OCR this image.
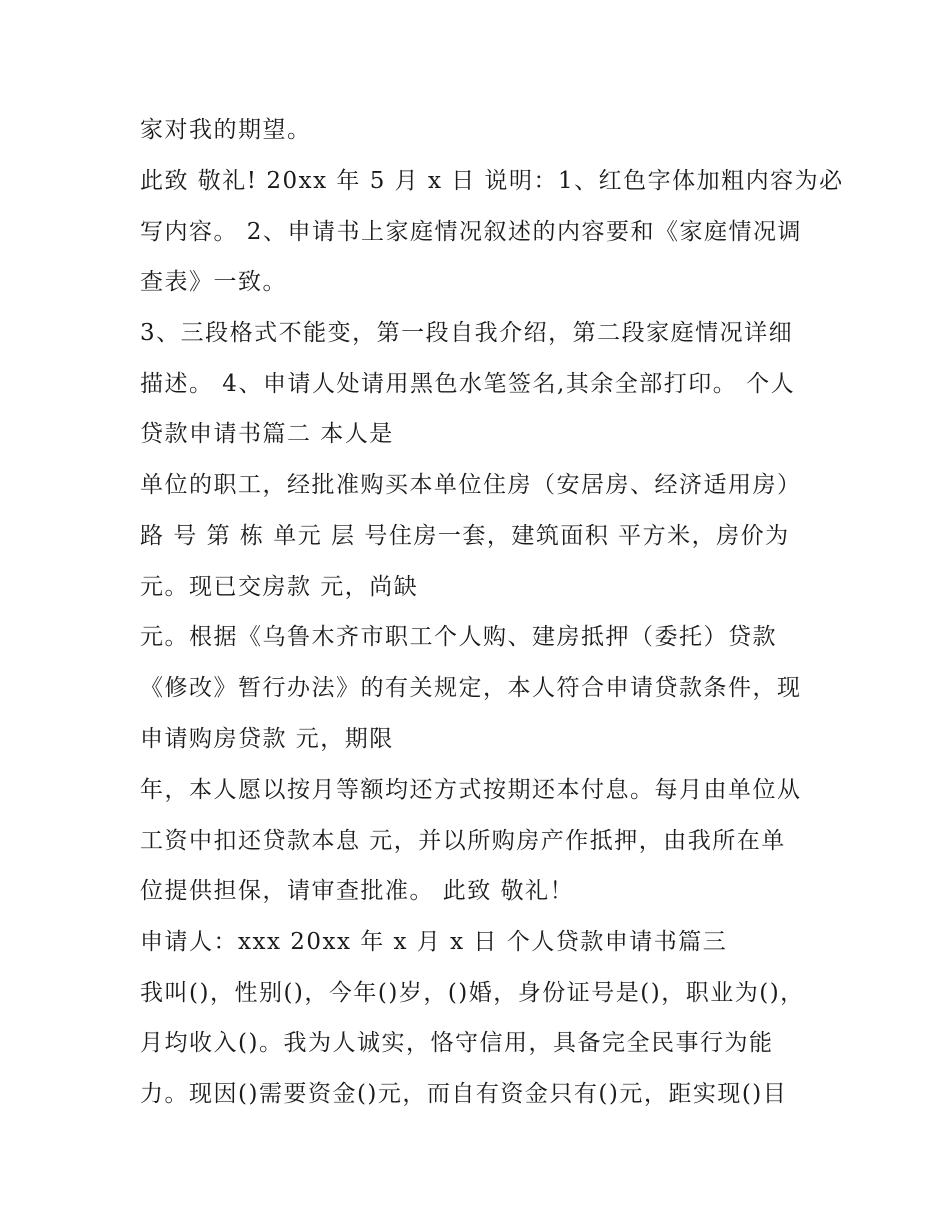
家对我的期望。
此致 敬礼! 20xx 年 5 月 x 日 说明：1、红色字体加粗内容为必
写内容。 2、申请书上家庭情况叙述的内容要和《家庭情况调
查表》一致。
3、三段格式不能变，第一段自我介绍，第二段家庭情况详细
描述。 4、申请人处请用黑色水笔签名,其余全部打印。 个人
贷款申请书篇二 本人是
单位的职工，经批准购买本单位住房（安居房、经济适用房）
路 号 第 栋 单元 层 号住房一套，建筑面积 平方米，房价为
元。现已交房款 元，尚缺
元。根据《乌鲁木齐市职工个人购、建房抵押（委托）贷款
《修改》暂行办法》的有关规定，本人符合申请贷款条件，现
申请购房贷款 元，期限
年，本人愿以按月等额均还方式按期还本付息。每月由单位从
工资中扣还贷款本息 元，并以所购房产作抵押，由我所在单
位提供担保，请审查批准。 此致 敬礼！
申请人：xxx 20xx 年 x 月 x 日 个人贷款申请书篇三
我叫()，性别()，今年()岁，()婚，身份证号是()，职业为()，
月均收入()。我为人诚实，恪守信用，具备完全民事行为能
力。现因()需要资金()元，而自有资金只有()元，距实现()目
